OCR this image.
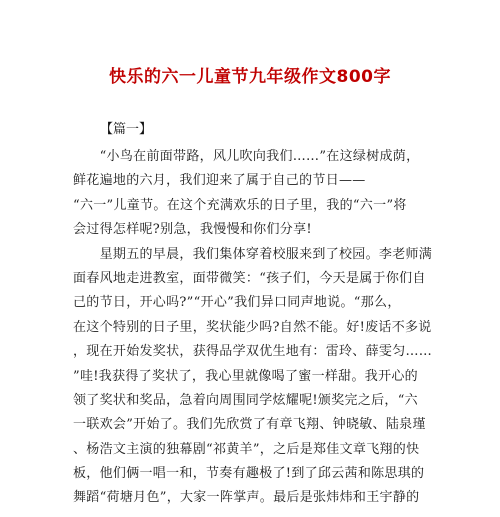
快乐的六一儿童节九年级作文800字
【篇一】
　　“小鸟在前面带路，风儿吹向我们……”在这绿树成荫，
鲜花遍地的六月，我们迎来了属于自己的节日——
“六一”儿童节。在这个充满欢乐的日子里，我的“六一”将
会过得怎样呢?别急，我慢慢和你们分享!
　　星期五的早晨，我们集体穿着校服来到了校园。李老师满
面春风地走进教室，面带微笑：“孩子们，今天是属于你们自
己的节日，开心吗?”“开心”我们异口同声地说。“那么，
在这个特别的日子里，奖状能少吗?自然不能。好!废话不多说
，现在开始发奖状，获得品学双优生地有：雷玲、薛雯匀……
”哇!我获得了奖状了，我心里就像喝了蜜一样甜。我开心的
领了奖状和奖品，急着向周围同学炫耀呢!颁奖完之后，“六
一联欢会”开始了。我们先欣赏了有章飞翔、钟晓敏、陆泉瑾
、杨浩文主演的独幕剧“祁黄羊”，之后是郑佳文章飞翔的快
板，他们俩一唱一和，节奏有趣极了!到了邱云茜和陈思琪的
舞蹈“荷塘月色”，大家一阵掌声。最后是张炜炜和王宇静的
